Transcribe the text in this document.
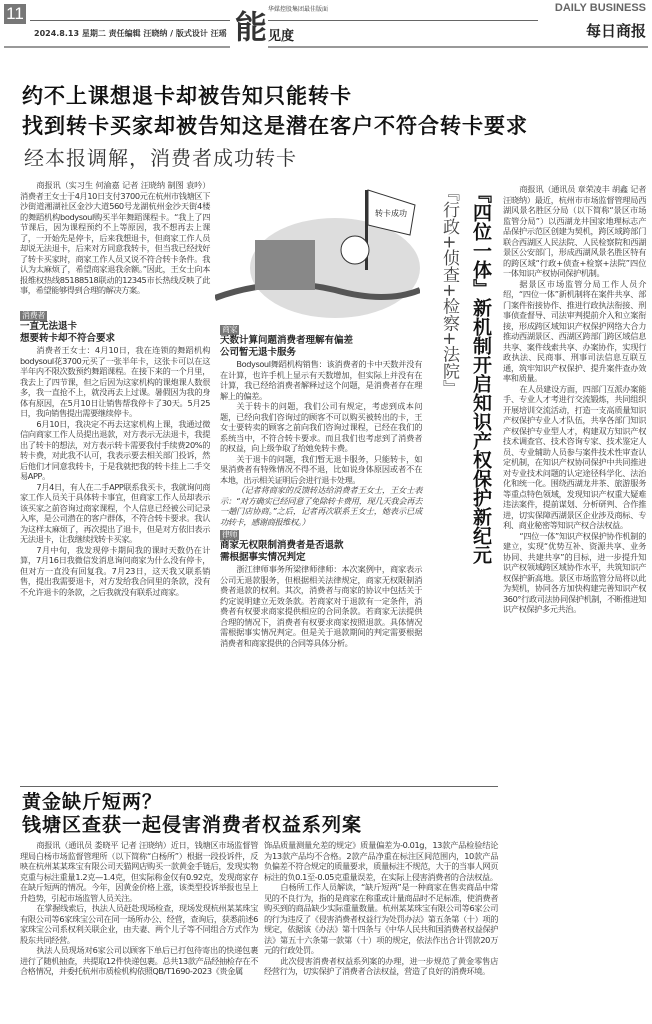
11
2024.8.13 星期二 责任编辑 汪晓纳 / 版式设计 汪瑶 能 华媒控股集团最佳版面
见度
DAILY BUSINESS
每日商报
约不上课想退卡却被告知只能转卡
找到转卡买家却被告知这是潜在客户不符合转卡要求
经本报调解，消费者成功转卡

商报讯（实习生 何渝嘉 记者 汪晓纳 制图 袁吟）消费者王女士于4月10日支付3700元在杭州市钱塘区下沙街道湘湖社区金沙大道560号龙湖杭州金沙天街4楼的舞蹈机构bodysoul购买半年舞蹈课程卡。“我上了四节课后，因为课程预约不上等原因，我不想再去上课了，一开始先是停卡，后来我想退卡，但商家工作人员却说无法退卡，后来对方同意我转卡，但当我已经找好了转卡买家时，商家工作人员又说不符合转卡条件。我认为太麻烦了，希望商家退我余额。”因此，王女士向本报维权热线85188518联动的12345市长热线反映了此事，希望能够得到合理的解决方案。

转卡成功
消费者
一直无法退卡
想要转卡却不符合要求

消费者王女士：4月10日，我在连锁的舞蹈机构bodysoul花3700元买了一张半年卡，这张卡可以在这半年内不限次数预约舞蹈课程。在接下来的一个月里，我去上了四节课，但之后因为这家机构的课炮课人数很多，我一直抢不上，就没再去上过课。暑假因为我的身体有原因，在5月10日让销售帮我停卡了30天。5月25日，我向销售提出需要继续停卡。

6月10日，我决定不再去这家机构上课，我通过微信向商家工作人员提出退款，对方表示无法退卡，我提出了转卡的想法，对方表示转卡需要我付手续费20%的转卡费，对此我不认可，我表示要去相关部门投诉，然后他们才同意我转卡，于是我就把我的转卡挂上二手交易APP。

7月4日，有人在二手APP联系我买卡，我就询问商家工作人员关于具体转卡事宜，但商家工作人员却表示该买家之前咨询过商家课程，个人信息已经被公司记录入库，是公司潜在的客户群体，不符合转卡要求。我认为这样太麻烦了，再次提出了退卡，但是对方依旧表示无法退卡，让我继续找转卡买家。

7月中旬，我发现停卡期间我的课时天数仍在计算，7月16日我微信发消息询问商家为什么没有停卡，但对方一直没有回复我。7月23日，这天我又联系销售，提出我需要退卡，对方发给我合同里的条款，没有不允许退卡的条款，之后我就没有联系过商家。

商家
天数计算问题消费者理解有偏差
公司暂无退卡服务

Bodysoul舞蹈机构销售：该消费者的卡中天数并没有在计算，也许手机上显示有天数增加，但实际上并没有在计算，我已经给消费者解释过这个问题，是消费者存在理解上的偏差。

关于转卡的问题，我们公司有规定，考虑到成本问题，已经向我们咨询过的顾客不可以购买被转出的卡，王女士要转卖的顾客之前向我们咨询过课程，已经在我们的系统当中，不符合转卡要求。而且我们也考虑到了消费者的权益，向上级争取了给她免转卡费。

关于退卡的问题，我们暂无退卡服务，只能转卡，如果消费者有特殊情况不得不退，比如说身体原因或者不在本地，出示相关证明后会进行退卡处理。

（记者将商家的反馈转达给消费者王女士，王女士表示：“对方确实已经同意了免除转卡费用，现几天我会再去一趟门店协商。”之后，记者再次联系王女士，她表示已成功转卡，感谢商报维权。）

律师
商家无权限制消费者是否退款
需根据事实情况判定

浙江律师事务所梁律师律师：本次案例中，商家表示公司无退款服务，但根据相关法律规定，商家无权限制消费者退款的权利。其次，消费者与商家的协议中包括关于约定说明建立无效条款。若商家对于退款有一定条件，消费者有权要求商家提供相应的合同条款。若商家无法提供合理的情况下，消费者有权要求商家按照退款。具体情况需根据事实情况判定。但是关于退款期间的判定需要根据消费者和商家提供的合同等具体分析。

『四位一体』新机制开启知识产权保护新纪元
『行政+侦查+检察+法院』	商报讯（通讯员 章荣凌丰 胡鑫 记者 汪晓纳）最近，杭州市市场监督管理局西湖风景名胜区分局（以下简称“景区市场监管分局”）以西湖龙井国家地理标志产品保护示范区创建为契机，跨区域跨部门联合西湖区人民法院、人民检察院和西湖景区公安部门，形成西湖风景名胜区特有的跨区域“行政+侦查+检察+法院”四位一体知识产权协同保护机制。

据景区市场监管分局工作人员介绍，“四位一体”新机制将在案件共享、部门案件衔接协作、推进行政执法衔接、刑事侦查督导、司法审判提前介入和立案衔接，形成跨区域知识产权保护网络大合力推动西湖景区、西湖区跨部门跨区域信息共享、案件线索共享、办案协作，实现行政执法、民商事、刑事司法信息互联互通，筑牢知识产权保护、提升案件查办效率和质量。

在人员建设方面，四部门互派办案能手、专业人才考进行交流锻炼，共同组织开展培训交流活动，打造一支高质量知识产权保护专业人才队伍，共享各部门知识产权保护专业型人才，构建双方知识产权技术调查官、技术咨询专家、技术鉴定人员、专业辅助人员参与案件技术性审查认定机制，在知识产权协同保护中共同推进对专业技术问题的认定途径科学化、法治化和统一化。围绕西湖龙井茶、旅游服务等重点特色领域，发现知识产权重大疑难违法案件，提前谋划、分析研判、合作推进，切实保障西湖景区企业涉及商标、专利、商业秘密等知识产权合法权益。

“四位一体”知识产权保护协作机制的建立，实现“优势互补、资源共享、业务协同、共建共享”的目标，进一步提升知识产权领域跨区域协作水平，共筑知识产权保护新高地。景区市场监管分局将以此为契机，协同各方加快构建完善知识产权360°行政司法协同保护机制，不断推进知识产权保护多元共治。

黄金缺斤短两？
钱塘区查获一起侵害消费者权益系列案

商报讯（通讯员 娄晓平 记者 汪晓纳）近日，钱塘区市场监督管理局白杨市场监督管理所（以下简称“白杨所”）根据一段投诉件，反映在杭州某某珠宝有限公司天猫网店购买一款黄金手链后，发现实物克重与标注重量1.2克—1.4克，但实际称金仅有0.92克，发现商家存在缺斤短两的情况。今年，因黄金价格上涨，该类型投诉举报也呈上升趋势，引起市场监管人员关注。

在掌握线索后，执法人员赶赴现场检查，现场发现杭州某某珠宝有限公司等6家珠宝公司在同一场所办公、经营，查询后，获悉前述6家珠宝公司系权利关联企业，由夫妻、两个儿子等不同组合方式作为股东共同经营。

执法人员现场对6家公司以顾客下单后已打包待寄出的快递包裹进行了随机抽查，共提取12件快递包裹。总共13款产品经抽检存在不合格情况，并委托杭州市质检机构依照QB/T1690-2023《贵金属

饰品质量测量允差的规定》质量偏差为-0.01g，13款产品检验结论为13款产品均不合格。2款产品净重在标注区间范围内，10款产品负偏差不符合规定的质量要求，质量标注不规范，大于的当事人网页标注的负0.1至-0.05克重量误差，在实际上侵害消费者的合法权益。

白杨所工作人员解读，“缺斤短两”是一种商家在售卖商品中常见的不良行为，指的是商家在称重或计量商品时不足标准，使消费者购买到的商品缺少实际重量数量。杭州某某珠宝有限公司等6家公司的行为违反了《侵害消费者权益行为处罚办法》第五条第（十）项的规定，依据该《办法》第十四条与《中华人民共和国消费者权益保护法》第五十六条第一款第（十）项的规定，依法作出合计罚款20万元的行政处罚。

此次侵害消费者权益系列案的办理，进一步规范了黄金零售店经营行为，切实保护了消费者合法权益，营造了良好的消费环境。
